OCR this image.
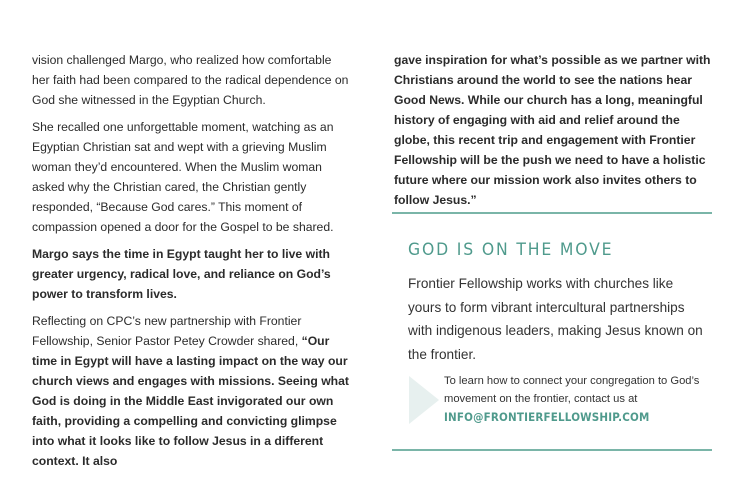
vision challenged Margo, who realized how comfortable her faith had been compared to the radical dependence on God she witnessed in the Egyptian Church.

She recalled one unforgettable moment, watching as an Egyptian Christian sat and wept with a grieving Muslim woman they’d encountered. When the Muslim woman asked why the Christian cared, the Christian gently responded, “Because God cares.” This moment of compassion opened a door for the Gospel to be shared.

Margo says the time in Egypt taught her to live with greater urgency, radical love, and reliance on God’s power to transform lives.

Reflecting on CPC’s new partnership with Frontier Fellowship, Senior Pastor Petey Crowder shared, “Our time in Egypt will have a lasting impact on the way our church views and engages with missions. Seeing what God is doing in the Middle East invigorated our own faith, providing a compelling and convicting glimpse into what it looks like to follow Jesus in a different context. It also

gave inspiration for what’s possible as we partner with Christians around the world to see the nations hear Good News. While our church has a long, meaningful history of engaging with aid and relief around the globe, this recent trip and engagement with Frontier Fellowship will be the push we need to have a holistic future where our mission work also invites others to follow Jesus.”

GOD IS ON THE MOVE
Frontier Fellowship works with churches like yours to form vibrant intercultural partnerships with indigenous leaders, making Jesus known on the frontier.
To learn how to connect your congregation to God’s movement on the frontier, contact us at
INFO@FRONTIERFELLOWSHIP.COM
